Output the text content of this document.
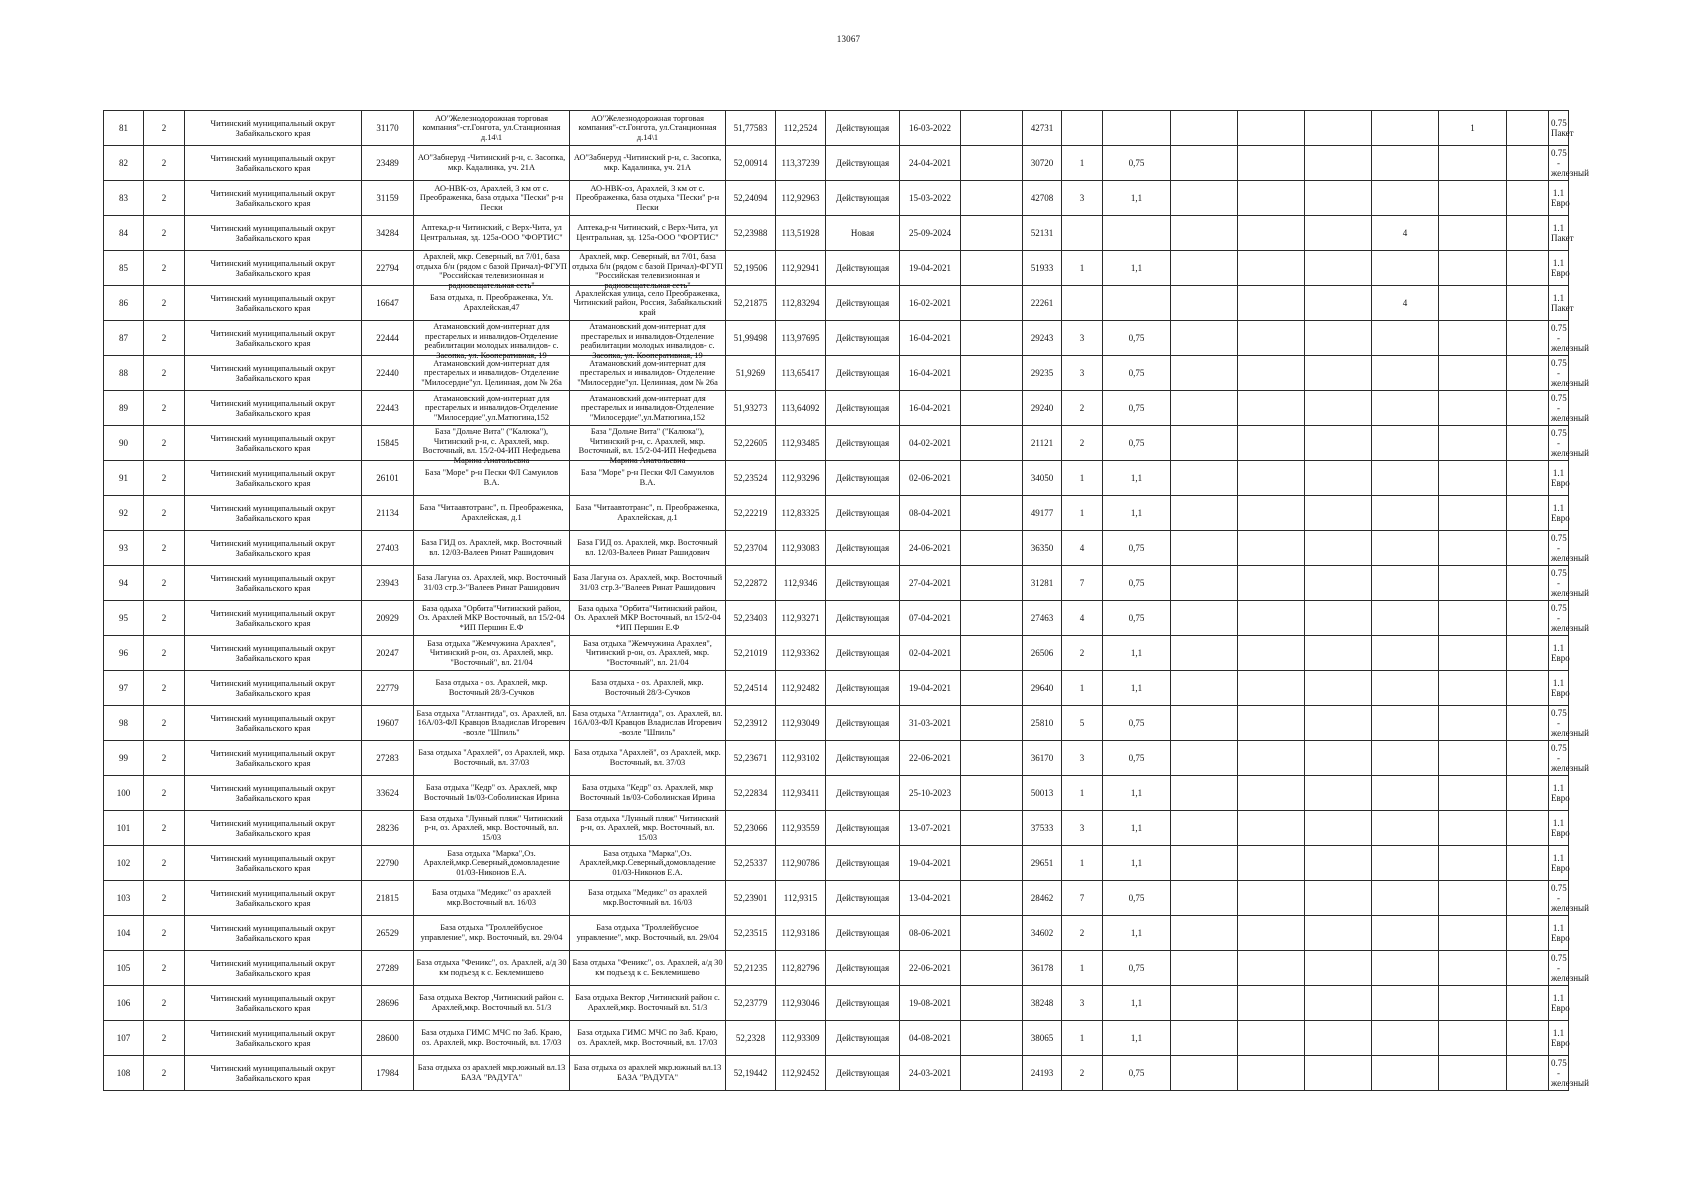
13067
81	2	Читинский муниципальный округ Забайкальского края	31170	АО"Железнодорожная торговая компания"-ст.Гонгота, ул.Станционная д.14\1	АО"Железнодорожная торговая компания"-ст.Гонгота, ул.Станционная д.14\1	51,77583	112,2524	Действующая	16-03-2022		42731							1		0.75 Пакет

82	2	Читинский муниципальный округ Забайкальского края	23489	АО"Забнеруд -Читинский р-н, с. Засопка, мкр. Кадалинка, уч. 21А	АО"Забнеруд -Читинский р-н, с. Засопка, мкр. Кадалинка, уч. 21А	52,00914	113,37239	Действующая	24-04-2021		30720	1	0,75							0.75 - железный

83	2	Читинский муниципальный округ Забайкальского края	31159	АО-НВК-оз, Арахлей, 3 км от с. Преображенка, база отдыха "Пески" р-н Пески	АО-НВК-оз, Арахлей, 3 км от с. Преображенка, база отдыха "Пески" р-н Пески	52,24094	112,92963	Действующая	15-03-2022		42708	3	1,1							1.1 Евро

84	2	Читинский муниципальный округ Забайкальского края	34284	Аптека,р-н Читинский, с Верх-Чита, ул Центральная, зд. 125а-ООО "ФОРТИС"	Аптека,р-н Читинский, с Верх-Чита, ул Центральная, зд. 125а-ООО "ФОРТИС"	52,23988	113,51928	Новая	25-09-2024		52131						4			1.1 Пакет

85	2	Читинский муниципальный округ Забайкальского края	22794	Арахлей, мкр. Северный, вл 7/01, база отдыха б/н (рядом с базой Причал)-ФГУП "Российская телевизионная и радиовещательная сеть"	Арахлей, мкр. Северный, вл 7/01, база отдыха б/н (рядом с базой Причал)-ФГУП "Российская телевизионная и радиовещательная сеть"	52,19506	112,92941	Действующая	19-04-2021		51933	1	1,1							1.1 Евро

86	2	Читинский муниципальный округ Забайкальского края	16647	База отдыха, п. Преображенка, Ул. Арахлейская,47	Арахлейская улица, село Преображенка, Читинский район, Россия, Забайкальский край	52,21875	112,83294	Действующая	16-02-2021		22261						4			1.1 Пакет

87	2	Читинский муниципальный округ Забайкальского края	22444	Атамановский дом-интернат для престарелых и инвалидов-Отделение реабилитации молодых инвалидов- с. Засопка, ул. Кооперативная, 19	Атамановский дом-интернат для престарелых и инвалидов-Отделение реабилитации молодых инвалидов- с. Засопка, ул. Кооперативная, 19	51,99498	113,97695	Действующая	16-04-2021		29243	3	0,75							0.75 - железный

88	2	Читинский муниципальный округ Забайкальского края	22440	Атамановский дом-интернат для престарелых и инвалидов- Отделение "Милосердие"ул. Целинная, дом № 26а	Атамановский дом-интернат для престарелых и инвалидов- Отделение "Милосердие"ул. Целинная, дом № 26а	51,9269	113,65417	Действующая	16-04-2021		29235	3	0,75							0.75 - железный

89	2	Читинский муниципальный округ Забайкальского края	22443	Атамановский дом-интернат для престарелых и инвалидов-Отделение "Милосердие",ул.Матюгина,152	Атамановский дом-интернат для престарелых и инвалидов-Отделение "Милосердие",ул.Матюгина,152	51,93273	113,64092	Действующая	16-04-2021		29240	2	0,75							0.75 - железный

90	2	Читинский муниципальный округ Забайкальского края	15845	База "Дольче Вита" ("Калюка"), Читинский р-н, с. Арахлей, мкр. Восточный, вл. 15/2-04-ИП Нефедьева Марина Анатольевна	База "Дольче Вита" ("Калюка"), Читинский р-н, с. Арахлей, мкр. Восточный, вл. 15/2-04-ИП Нефедьева Марина Анатольевна	52,22605	112,93485	Действующая	04-02-2021		21121	2	0,75							0.75 - железный

91	2	Читинский муниципальный округ Забайкальского края	26101	База "Море" р-н Пески ФЛ Самуилов В.А.	База "Море" р-н Пески ФЛ Самуилов В.А.	52,23524	112,93296	Действующая	02-06-2021		34050	1	1,1							1.1 Евро

92	2	Читинский муниципальный округ Забайкальского края	21134	База "Читаавтотранс", п. Преображенка, Арахлейская, д.1	База "Читаавтотранс", п. Преображенка, Арахлейская, д.1	52,22219	112,83325	Действующая	08-04-2021		49177	1	1,1							1.1 Евро

93	2	Читинский муниципальный округ Забайкальского края	27403	База ГИД оз. Арахлей, мкр. Восточный вл. 12/03-Валеев Ринат Рашидович	База ГИД оз. Арахлей, мкр. Восточный вл. 12/03-Валеев Ринат Рашидович	52,23704	112,93083	Действующая	24-06-2021		36350	4	0,75							0.75 - железный

94	2	Читинский муниципальный округ Забайкальского края	23943	База Лагуна оз. Арахлей, мкр. Восточный 31/03 стр.3-"Валеев Ринат Рашидович	База Лагуна оз. Арахлей, мкр. Восточный 31/03 стр.3-"Валеев Ринат Рашидович	52,22872	112,9346	Действующая	27-04-2021		31281	7	0,75							0.75 - железный

95	2	Читинский муниципальный округ Забайкальского края	20929	База одыха "Орбита"Читинский район, Оз. Арахлей МКР Восточный, вл 15/2-04 *ИП Першин Е.Ф	База одыха "Орбита"Читинский район, Оз. Арахлей МКР Восточный, вл 15/2-04 *ИП Першин Е.Ф	52,23403	112,93271	Действующая	07-04-2021		27463	4	0,75							0.75 - железный

96	2	Читинский муниципальный округ Забайкальского края	20247	База отдыха "Жемчужина Арахлея", Читинский р-он, оз. Арахлей, мкр. "Восточный", вл. 21/04	База отдыха "Жемчужина Арахлея", Читинский р-он, оз. Арахлей, мкр. "Восточный", вл. 21/04	52,21019	112,93362	Действующая	02-04-2021		26506	2	1,1							1.1 Евро

97	2	Читинский муниципальный округ Забайкальского края	22779	База отдыха - оз. Арахлей, мкр. Восточный 28/3-Сучков	База отдыха - оз. Арахлей, мкр. Восточный 28/3-Сучков	52,24514	112,92482	Действующая	19-04-2021		29640	1	1,1							1.1 Евро

98	2	Читинский муниципальный округ Забайкальского края	19607	База отдыха "Атлантида", оз. Арахлей, вл. 16А/03-ФЛ Кравцов Владислав Игоревич -возле "Шпиль"	База отдыха "Атлантида", оз. Арахлей, вл. 16А/03-ФЛ Кравцов Владислав Игоревич -возле "Шпиль"	52,23912	112,93049	Действующая	31-03-2021		25810	5	0,75							0.75 - железный

99	2	Читинский муниципальный округ Забайкальского края	27283	База отдыха "Арахлей", оз Арахлей, мкр. Восточный, вл. 37/03	База отдыха "Арахлей", оз Арахлей, мкр. Восточный, вл. 37/03	52,23671	112,93102	Действующая	22-06-2021		36170	3	0,75							0.75 - железный

100	2	Читинский муниципальный округ Забайкальского края	33624	База отдыха "Кедр" оз. Арахлей, мкр Восточный 1в/03-Соболинская Ирина	База отдыха "Кедр" оз. Арахлей, мкр Восточный 1в/03-Соболинская Ирина	52,22834	112,93411	Действующая	25-10-2023		50013	1	1,1							1.1 Евро

101	2	Читинский муниципальный округ Забайкальского края	28236	База отдыха "Лунный пляж" Читинский р-н, оз. Арахлей, мкр. Восточный, вл. 15/03	База отдыха "Лунный пляж" Читинский р-н, оз. Арахлей, мкр. Восточный, вл. 15/03	52,23066	112,93559	Действующая	13-07-2021		37533	3	1,1							1.1 Евро

102	2	Читинский муниципальный округ Забайкальского края	22790	База отдыха "Марка",Оз. Арахлей,мкр.Северный,домовладение 01/03-Никонов Е.А.	База отдыха "Марка",Оз. Арахлей,мкр.Северный,домовладение 01/03-Никонов Е.А.	52,25337	112,90786	Действующая	19-04-2021		29651	1	1,1							1.1 Евро

103	2	Читинский муниципальный округ Забайкальского края	21815	База отдыха "Медикс" оз арахлей мкр.Восточный вл. 16/03	База отдыха "Медикс" оз арахлей мкр.Восточный вл. 16/03	52,23901	112,9315	Действующая	13-04-2021		28462	7	0,75							0.75 - железный

104	2	Читинский муниципальный округ Забайкальского края	26529	База отдыха "Троллейбусное управление", мкр. Восточный, вл. 29/04	База отдыха "Троллейбусное управление", мкр. Восточный, вл. 29/04	52,23515	112,93186	Действующая	08-06-2021		34602	2	1,1							1.1 Евро

105	2	Читинский муниципальный округ Забайкальского края	27289	База отдыха "Феникс", оз. Арахлей, а/д 30 км подъезд к с. Беклемишево	База отдыха "Феникс", оз. Арахлей, а/д 30 км подъезд к с. Беклемишево	52,21235	112,82796	Действующая	22-06-2021		36178	1	0,75							0.75 - железный

106	2	Читинский муниципальный округ Забайкальского края	28696	База отдыха Вектор ,Читинский район с. Арахлей,мкр. Восточный вл. 51/3	База отдыха Вектор ,Читинский район с. Арахлей,мкр. Восточный вл. 51/3	52,23779	112,93046	Действующая	19-08-2021		38248	3	1,1							1.1 Евро

107	2	Читинский муниципальный округ Забайкальского края	28600	База отдыха ГИМС МЧС по Заб. Краю, оз. Арахлей, мкр. Восточный, вл. 17/03	База отдыха ГИМС МЧС по Заб. Краю, оз. Арахлей, мкр. Восточный, вл. 17/03	52,2328	112,93309	Действующая	04-08-2021		38065	1	1,1							1.1 Евро

108	2	Читинский муниципальный округ Забайкальского края	17984	База отдыха оз арахлей мкр.южный вл.13 БАЗА "РАДУГА"	База отдыха оз арахлей мкр.южный вл.13 БАЗА "РАДУГА"	52,19442	112,92452	Действующая	24-03-2021		24193	2	0,75							0.75 - железный
